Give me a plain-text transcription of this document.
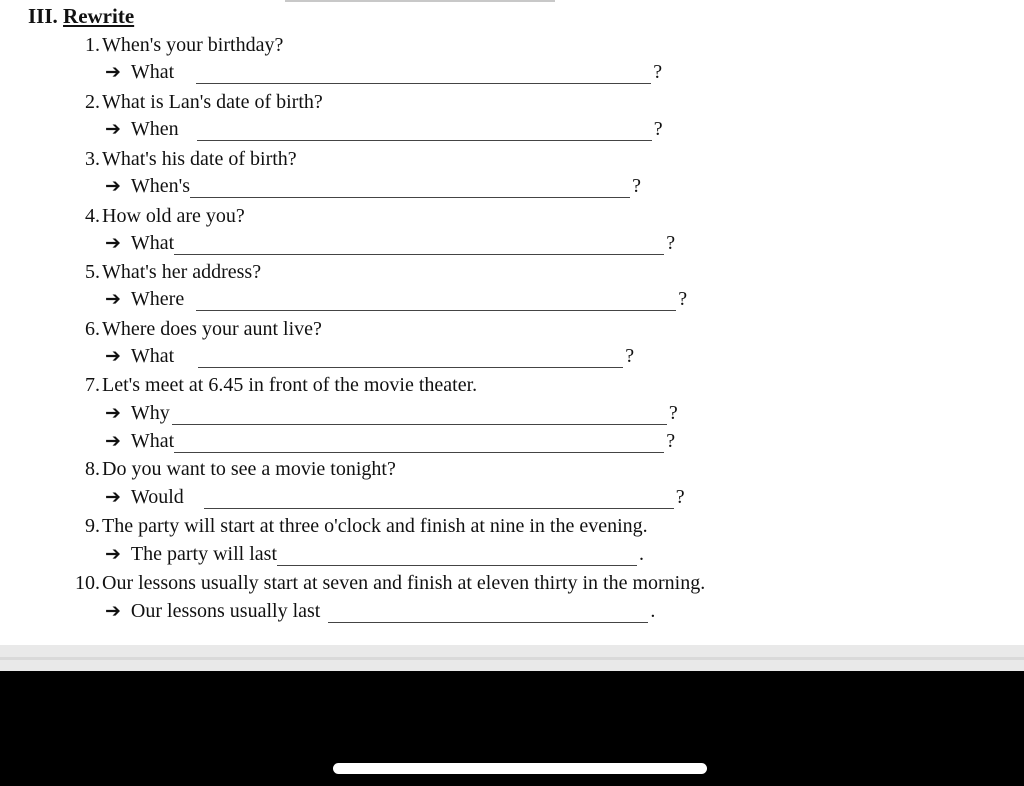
III. Rewrite
1. When's your birthday?
➔ What	?
2. What is Lan's date of birth?
➔ When	?
3. What's his date of birth?
➔ When's	?
4. How old are you?
➔ What	?
5. What's her address?
➔ Where	?
6. Where does your aunt live?
➔ What	?
7. Let's meet at 6.45 in front of the movie theater.
➔ Why	?
➔ What	?
8. Do you want to see a movie tonight?
➔ Would	?
9. The party will start at three o'clock and finish at nine in the evening.
➔ The party will last	.
10. Our lessons usually start at seven and finish at eleven thirty in the morning.
➔ Our lessons usually last	.
